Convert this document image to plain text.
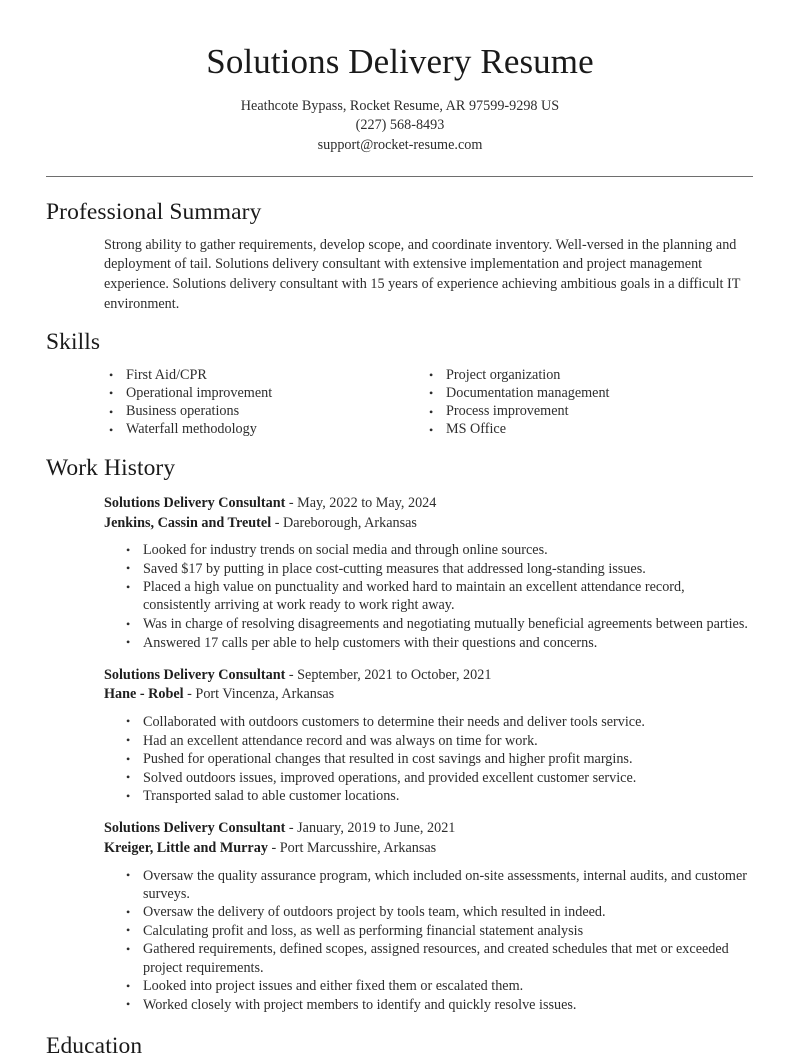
Solutions Delivery Resume
Heathcote Bypass, Rocket Resume, AR 97599-9298 US
(227) 568-8493
support@rocket-resume.com
Professional Summary

Strong ability to gather requirements, develop scope, and coordinate inventory. Well-versed in the planning and deployment of tail. Solutions delivery consultant with extensive implementation and project management experience. Solutions delivery consultant with 15 years of experience achieving ambitious goals in a difficult IT environment.

Skills
• First Aid/CPR
• Operational improvement
• Business operations
• Waterfall methodology
• Project organization
• Documentation management
• Process improvement
• MS Office
Work History
Solutions Delivery Consultant - May, 2022 to May, 2024
Jenkins, Cassin and Treutel - Dareborough, Arkansas
• Looked for industry trends on social media and through online sources.
• Saved $17 by putting in place cost-cutting measures that addressed long-standing issues.
• Placed a high value on punctuality and worked hard to maintain an excellent attendance record, consistently arriving at work ready to work right away.
• Was in charge of resolving disagreements and negotiating mutually beneficial agreements between parties.
• Answered 17 calls per able to help customers with their questions and concerns.
Solutions Delivery Consultant - September, 2021 to October, 2021
Hane - Robel - Port Vincenza, Arkansas
• Collaborated with outdoors customers to determine their needs and deliver tools service.
• Had an excellent attendance record and was always on time for work.
• Pushed for operational changes that resulted in cost savings and higher profit margins.
• Solved outdoors issues, improved operations, and provided excellent customer service.
• Transported salad to able customer locations.
Solutions Delivery Consultant - January, 2019 to June, 2021
Kreiger, Little and Murray - Port Marcusshire, Arkansas
• Oversaw the quality assurance program, which included on-site assessments, internal audits, and customer surveys.
• Oversaw the delivery of outdoors project by tools team, which resulted in indeed.
• Calculating profit and loss, as well as performing financial statement analysis
• Gathered requirements, defined scopes, assigned resources, and created schedules that met or exceeded project requirements.
• Looked into project issues and either fixed them or escalated them.
• Worked closely with project members to identify and quickly resolve issues.
Education
